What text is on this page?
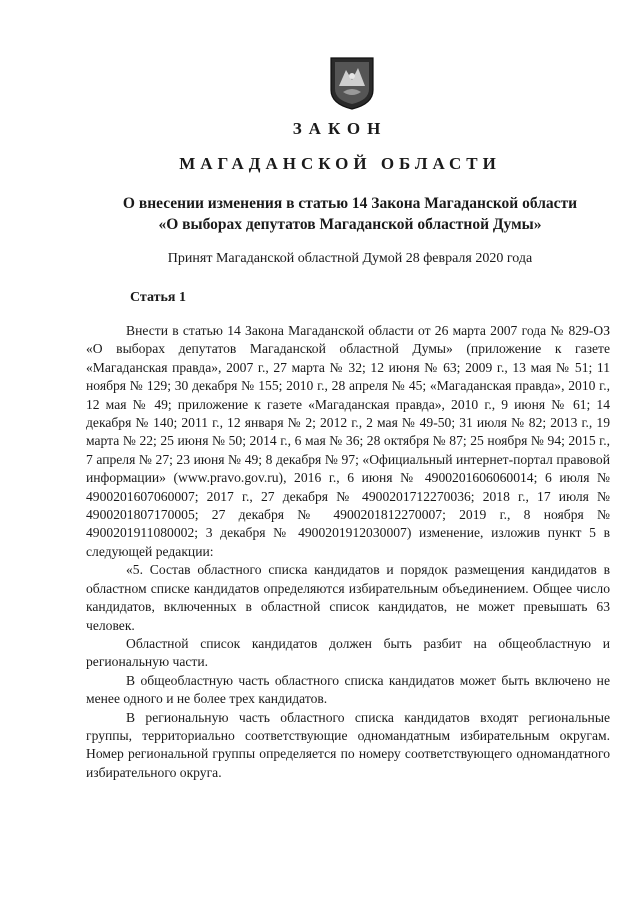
ЗАКОН
МАГАДАНСКОЙ ОБЛАСТИ
О внесении изменения в статью 14 Закона Магаданской области
«О выборах депутатов Магаданской областной Думы»
Принят Магаданской областной Думой 28 февраля 2020 года
Статья 1

Внести в статью 14 Закона Магаданской области от 26 марта 2007 года № 829-ОЗ «О выборах депутатов Магаданской областной Думы» (приложение к газете «Магаданская правда», 2007 г., 27 марта № 32; 12 июня № 63; 2009 г., 13 мая № 51; 11 ноября № 129; 30 декабря № 155; 2010 г., 28 апреля № 45; «Магаданская правда», 2010 г., 12 мая № 49; приложение к газете «Магаданская правда», 2010 г., 9 июня № 61; 14 декабря № 140; 2011 г., 12 января № 2; 2012 г., 2 мая № 49-50; 31 июля № 82; 2013 г., 19 марта № 22; 25 июня № 50; 2014 г., 6 мая № 36; 28 октября № 87; 25 ноября № 94; 2015 г., 7 апреля № 27; 23 июня № 49; 8 декабря № 97; «Официальный интернет-портал правовой информации» (www.pravo.gov.ru), 2016 г., 6 июня № 4900201606060014; 6 июля № 4900201607060007; 2017 г., 27 декабря № 4900201712270036; 2018 г., 17 июля № 4900201807170005; 27 декабря № 4900201812270007; 2019 г., 8 ноября № 4900201911080002; 3 декабря № 4900201912030007) изменение, изложив пункт 5 в следующей редакции:

«5. Состав областного списка кандидатов и порядок размещения кандидатов в областном списке кандидатов определяются избирательным объединением. Общее число кандидатов, включенных в областной список кандидатов, не может превышать 63 человек.

Областной список кандидатов должен быть разбит на общеобластную и региональную части.

В общеобластную часть областного списка кандидатов может быть включено не менее одного и не более трех кандидатов.

В региональную часть областного списка кандидатов входят региональные группы, территориально соответствующие одномандатным избирательным округам. Номер региональной группы определяется по номеру соответствующего одномандатного избирательного округа.
